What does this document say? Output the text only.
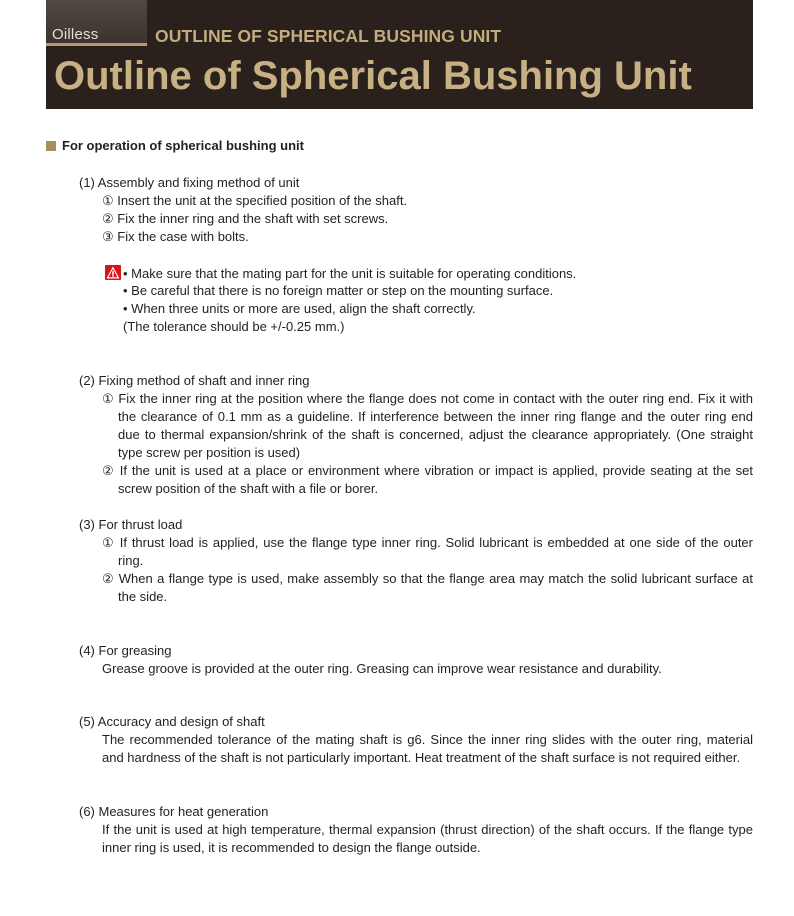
Oilless	OUTLINE OF SPHERICAL BUSHING UNIT
Outline of Spherical Bushing Unit
For operation of spherical bushing unit
(1) Assembly and fixing method of unit
① Insert the unit at the specified position of the shaft.
② Fix the inner ring and the shaft with set screws.
③ Fix the case with bolts.
• Make sure that the mating part for the unit is suitable for operating conditions.
• Be careful that there is no foreign matter or step on the mounting surface.
• When three units or more are used, align the shaft correctly.
(The tolerance should be +/-0.25 mm.)
(2) Fixing method of shaft and inner ring
① Fix the inner ring at the position where the flange does not come in contact with the outer ring end. Fix it with
the clearance of 0.1 mm as a guideline. If interference between the inner ring flange and the outer ring end
due to thermal expansion/shrink of the shaft is concerned, adjust the clearance appropriately. (One straight
type screw per position is used)
② If the unit is used at a place or environment where vibration or impact is applied, provide seating at the set
screw position of the shaft with a file or borer.
(3) For thrust load
① If thrust load is applied, use the flange type inner ring. Solid lubricant is embedded at one side of the outer
ring.
② When a flange type is used, make assembly so that the flange area may match the solid lubricant surface at
the side.
(4) For greasing
Grease groove is provided at the outer ring. Greasing can improve wear resistance and durability.
(5) Accuracy and design of shaft
The recommended tolerance of the mating shaft is g6. Since the inner ring slides with the outer ring, material
and hardness of the shaft is not particularly important. Heat treatment of the shaft surface is not required either.
(6) Measures for heat generation
If the unit is used at high temperature, thermal expansion (thrust direction) of the shaft occurs. If the flange type
inner ring is used, it is recommended to design the flange outside.
